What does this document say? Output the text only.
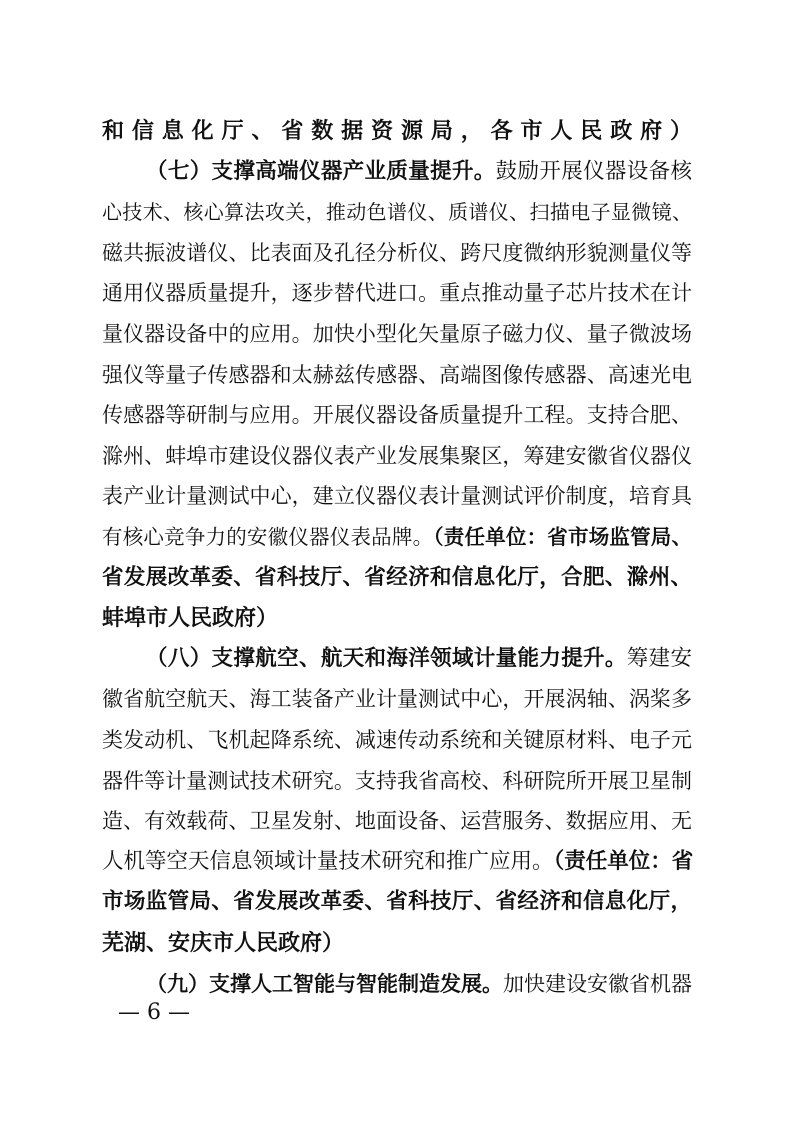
和信息化厅、省数据资源局，各市人民政府）
（七）支撑高端仪器产业质量提升。鼓励开展仪器设备核
心技术、核心算法攻关，推动色谱仪、质谱仪、扫描电子显微镜、
磁共振波谱仪、比表面及孔径分析仪、跨尺度微纳形貌测量仪等
通用仪器质量提升，逐步替代进口。重点推动量子芯片技术在计
量仪器设备中的应用。加快小型化矢量原子磁力仪、量子微波场
强仪等量子传感器和太赫兹传感器、高端图像传感器、高速光电
传感器等研制与应用。开展仪器设备质量提升工程。支持合肥、
滁州、蚌埠市建设仪器仪表产业发展集聚区，筹建安徽省仪器仪
表产业计量测试中心，建立仪器仪表计量测试评价制度，培育具
有核心竞争力的安徽仪器仪表品牌。（责任单位：省市场监管局、
省发展改革委、省科技厅、省经济和信息化厅，合肥、滁州、
蚌埠市人民政府）
（八）支撑航空、航天和海洋领域计量能力提升。筹建安
徽省航空航天、海工装备产业计量测试中心，开展涡轴、涡桨多
类发动机、飞机起降系统、减速传动系统和关键原材料、电子元
器件等计量测试技术研究。支持我省高校、科研院所开展卫星制
造、有效载荷、卫星发射、地面设备、运营服务、数据应用、无
人机等空天信息领域计量技术研究和推广应用。（责任单位：省
市场监管局、省发展改革委、省科技厅、省经济和信息化厅，
芜湖、安庆市人民政府）
（九）支撑人工智能与智能制造发展。加快建设安徽省机器
— 6 —
